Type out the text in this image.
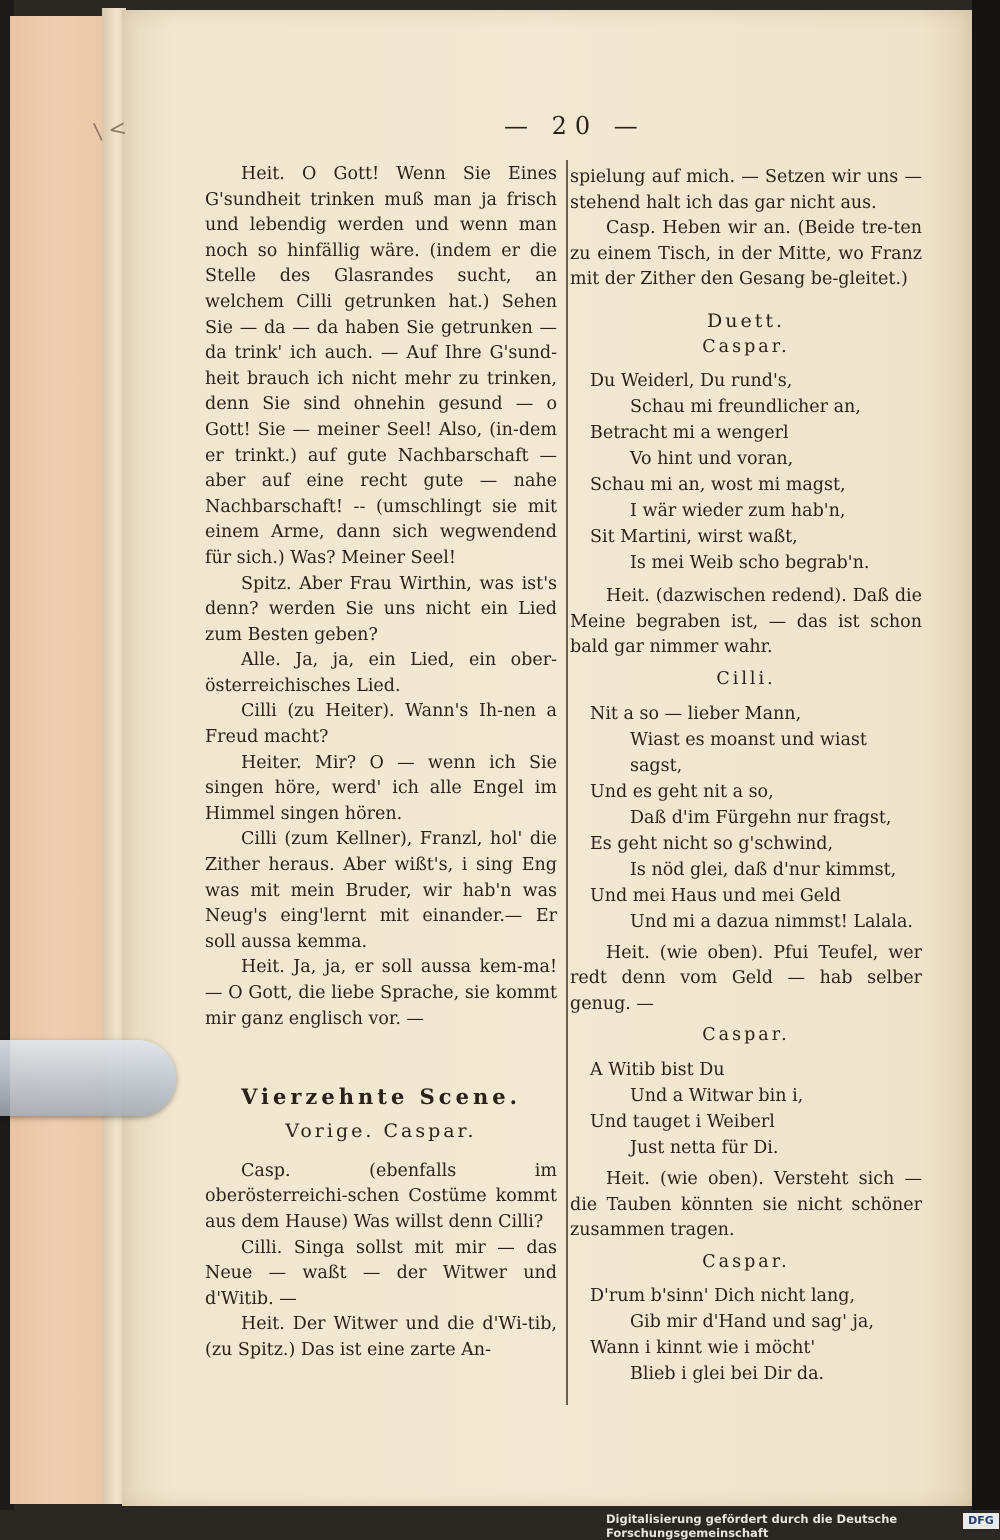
\ <	— 20 —

Heit. O Gott! Wenn Sie Eines G'sundheit trinken muß man ja frisch und lebendig werden und wenn man noch so hinfällig wäre. (indem er die Stelle des Glasrandes sucht, an welchem Cilli getrunken hat.) Sehen Sie — da — da haben Sie getrunken — da trink' ich auch. — Auf Ihre G'sund-heit brauch ich nicht mehr zu trinken, denn Sie sind ohnehin gesund — o Gott! Sie — meiner Seel! Also, (in-dem er trinkt.) auf gute Nachbarschaft — aber auf eine recht gute — nahe Nachbarschaft! -- (umschlingt sie mit einem Arme, dann sich wegwendend für sich.) Was? Meiner Seel!

Spitz. Aber Frau Wirthin, was ist's denn? werden Sie uns nicht ein Lied zum Besten geben?

Alle. Ja, ja, ein Lied, ein ober-österreichisches Lied.

Cilli (zu Heiter). Wann's Ih-nen a Freud macht?

Heiter. Mir? O — wenn ich Sie singen höre, werd' ich alle Engel im Himmel singen hören.

Cilli (zum Kellner), Franzl, hol' die Zither heraus. Aber wißt's, i sing Eng was mit mein Bruder, wir hab'n was Neug's eing'lernt mit einander.— Er soll aussa kemma.

Heit. Ja, ja, er soll aussa kem-ma! — O Gott, die liebe Sprache, sie kommt mir ganz englisch vor. —

Vierzehnte Scene.

Vorige. Caspar.

Casp. (ebenfalls im oberösterreichi-schen Costüme kommt aus dem Hause) Was willst denn Cilli?

Cilli. Singa sollst mit mir — das Neue — waßt — der Witwer und d'Witib. —

Heit. Der Witwer und die d'Wi-tib, (zu Spitz.) Das ist eine zarte An-

spielung auf mich. — Setzen wir uns — stehend halt ich das gar nicht aus.

Casp. Heben wir an. (Beide tre-ten zu einem Tisch, in der Mitte, wo Franz mit der Zither den Gesang be-gleitet.)

Duett.

Caspar.

Du Weiderl, Du rund's,

Schau mi freundlicher an,

Betracht mi a wengerl

Vo hint und voran,

Schau mi an, wost mi magst,

I wär wieder zum hab'n,

Sit Martini, wirst waßt,

Is mei Weib scho begrab'n.

Heit. (dazwischen redend). Daß die Meine begraben ist, — das ist schon bald gar nimmer wahr.

Cilli.

Nit a so — lieber Mann,

Wiast es moanst und wiast sagst,

Und es geht nit a so,

Daß d'im Fürgehn nur fragst,

Es geht nicht so g'schwind,

Is nöd glei, daß d'nur kimmst,

Und mei Haus und mei Geld

Und mi a dazua nimmst! Lalala.

Heit. (wie oben). Pfui Teufel, wer redt denn vom Geld — hab selber genug. —

Caspar.

A Witib bist Du

Und a Witwar bin i,

Und tauget i Weiberl

Just netta für Di.

Heit. (wie oben). Versteht sich — die Tauben könnten sie nicht schöner zusammen tragen.

Caspar.

D'rum b'sinn' Dich nicht lang,

Gib mir d'Hand und sag' ja,

Wann i kinnt wie i möcht'

Blieb i glei bei Dir da.

Digitalisierung gefördert durch die Deutsche Forschungsgemeinschaft
DFG
